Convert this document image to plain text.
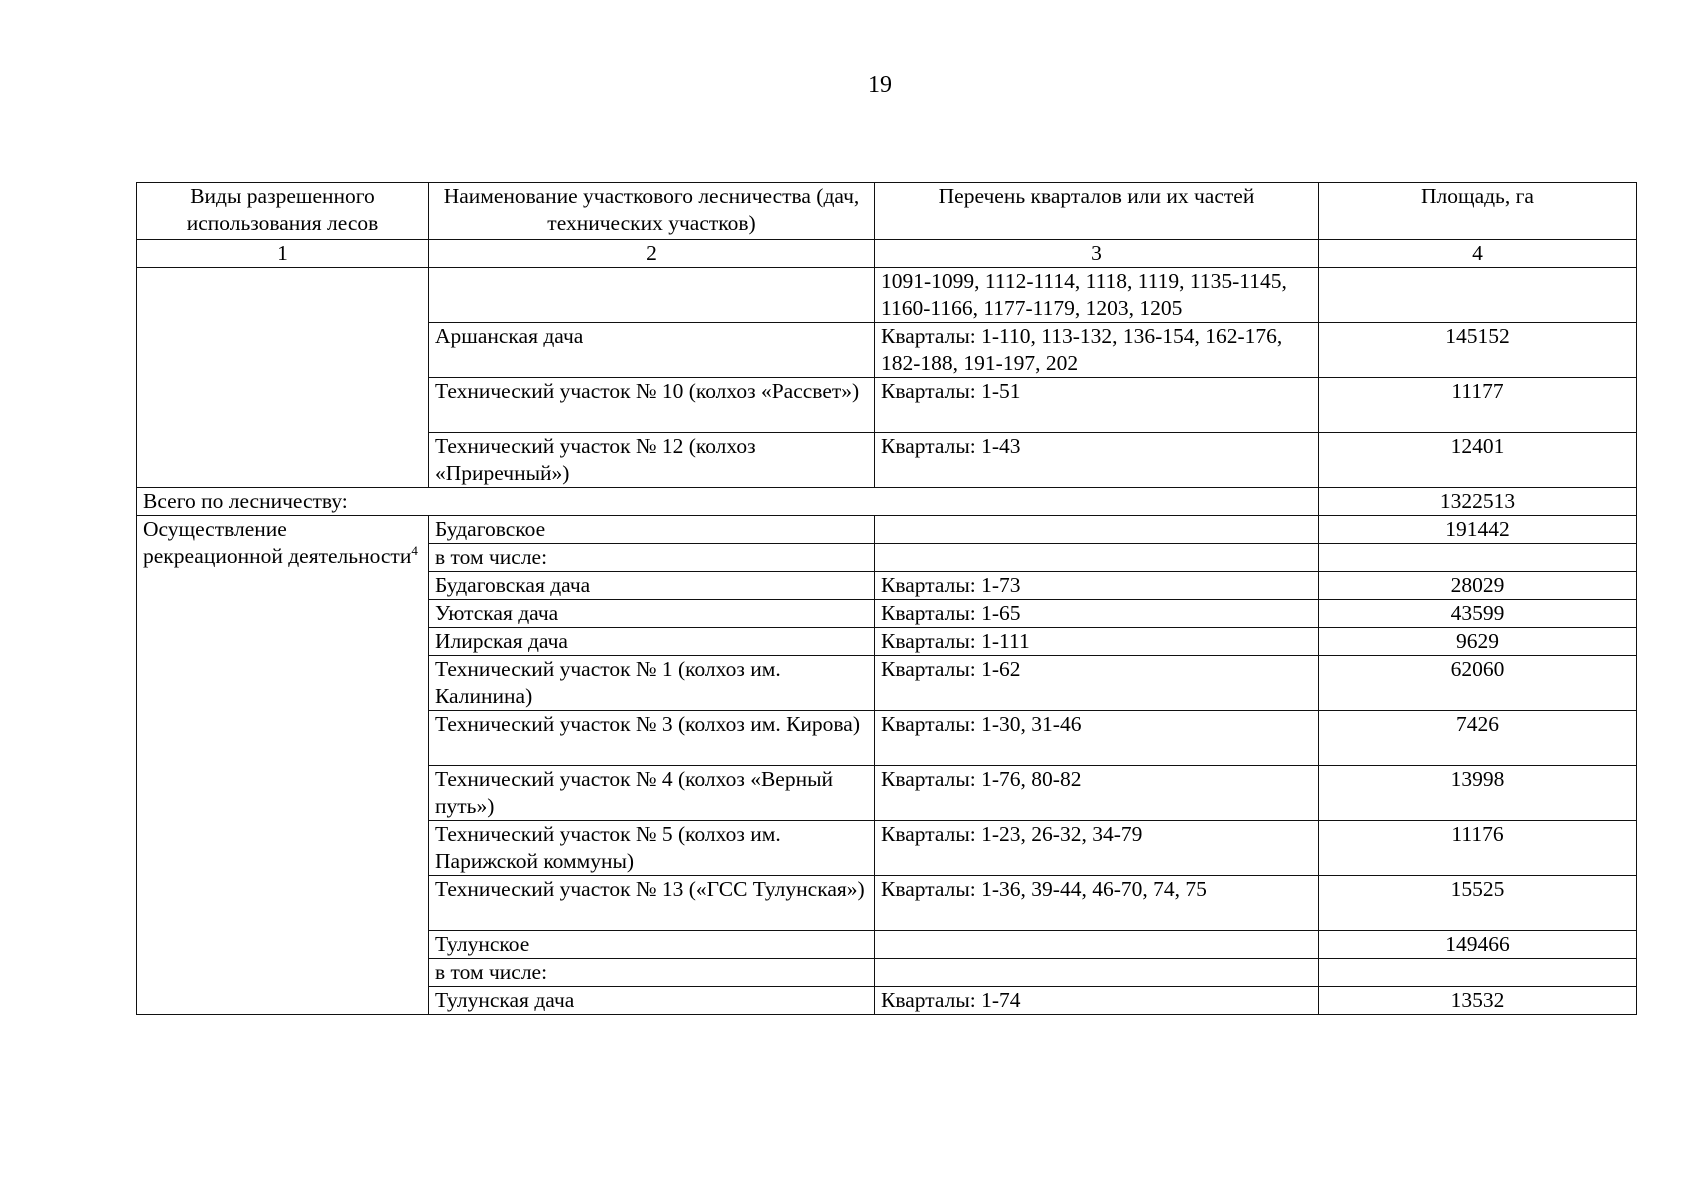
19
Виды разрешенного использования лесов	Наименование участкового лесничества (дач, технических участков)	Перечень кварталов или их частей	Площадь, га
1	2	3	4
		1091-1099, 1112-1114, 1118, 1119, 1135-1145, 1160-1166, 1177-1179, 1203, 1205	
	Аршанская дача	Кварталы: 1-110, 113-132, 136-154, 162-176, 182-188, 191-197, 202	145152
	Технический участок № 10 (колхоз «Рассвет»)	Кварталы: 1-51	11177
	Технический участок № 12 (колхоз «Приречный»)	Кварталы: 1-43	12401
Всего по лесничеству:			1322513
Осуществление рекреационной деятельности$^4$	Будаговское		191442
	в том числе:		
	Будаговская дача	Кварталы: 1-73	28029
	Уютская дача	Кварталы: 1-65	43599
	Илирская дача	Кварталы: 1-111	9629
	Технический участок № 1 (колхоз им. Калинина)	Кварталы: 1-62	62060
	Технический участок № 3 (колхоз им. Кирова)	Кварталы: 1-30, 31-46	7426
	Технический участок № 4 (колхоз «Верный путь»)	Кварталы: 1-76, 80-82	13998
	Технический участок № 5 (колхоз им. Парижской коммуны)	Кварталы: 1-23, 26-32, 34-79	11176
	Технический участок № 13 («ГСС Тулунская»)	Кварталы: 1-36, 39-44, 46-70, 74, 75	15525
	Тулунское		149466
	в том числе:		
	Тулунская дача	Кварталы: 1-74	13532
